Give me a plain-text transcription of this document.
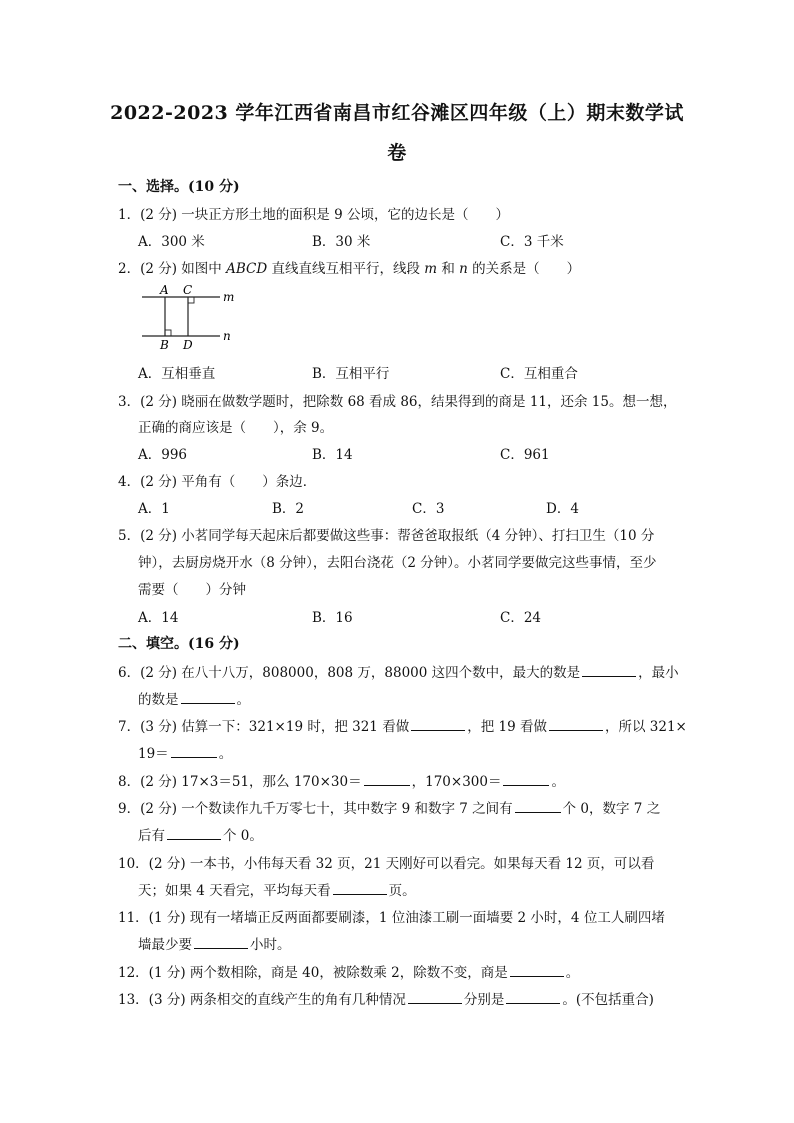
2022-2023 学年江西省南昌市红谷滩区四年级（上）期末数学试
卷
一、选择。(10 分)
1．(2 分) 一块正方形土地的面积是 9 公顷，它的边长是（　　）
A．300 米	B．30 米	C．3 千米
2．(2 分) 如图中 ABCD 直线直线互相平行，线段 m 和 n 的关系是（　　）
A C	m
B D
n
A．互相垂直	B．互相平行	C．互相重合
3．(2 分) 晓丽在做数学题时，把除数 68 看成 86，结果得到的商是 11，还余 15。想一想，
正确的商应该是（　　），余 9。
A．996	B．14	C．961
4．(2 分) 平角有（　　）条边．
A．1	B．2	C．3	D．4
5．(2 分) 小茗同学每天起床后都要做这些事：帮爸爸取报纸（4 分钟）、打扫卫生（10 分
钟），去厨房烧开水（8 分钟），去阳台浇花（2 分钟）。小茗同学要做完这些事情，至少
需要（　　）分钟
A．14	B．16	C．24
二、填空。(16 分)
6．(2 分) 在八十八万，808000，808 万，88000 这四个数中，最大的数是	，最小
的数是	。
7．(3 分) 估算一下：321×19 时，把 321 看做	，把 19 看做	，所以 321×
19＝	。
8．(2 分) 17×3＝51，那么 170×30＝	，170×300＝	。
9．(2 分) 一个数读作九千万零七十，其中数字 9 和数字 7 之间有	个 0，数字 7 之
后有	个 0。
10．(2 分) 一本书，小伟每天看 32 页，21 天刚好可以看完。如果每天看 12 页，可以看
天；如果 4 天看完，平均每天看	页。
11．(1 分) 现有一堵墙正反两面都要刷漆，1 位油漆工刷一面墙要 2 小时，4 位工人刷四堵
墙最少要	小时。
12．(1 分) 两个数相除，商是 40，被除数乘 2，除数不变，商是	。
13．(3 分) 两条相交的直线产生的角有几种情况	分别是	。(不包括重合)
